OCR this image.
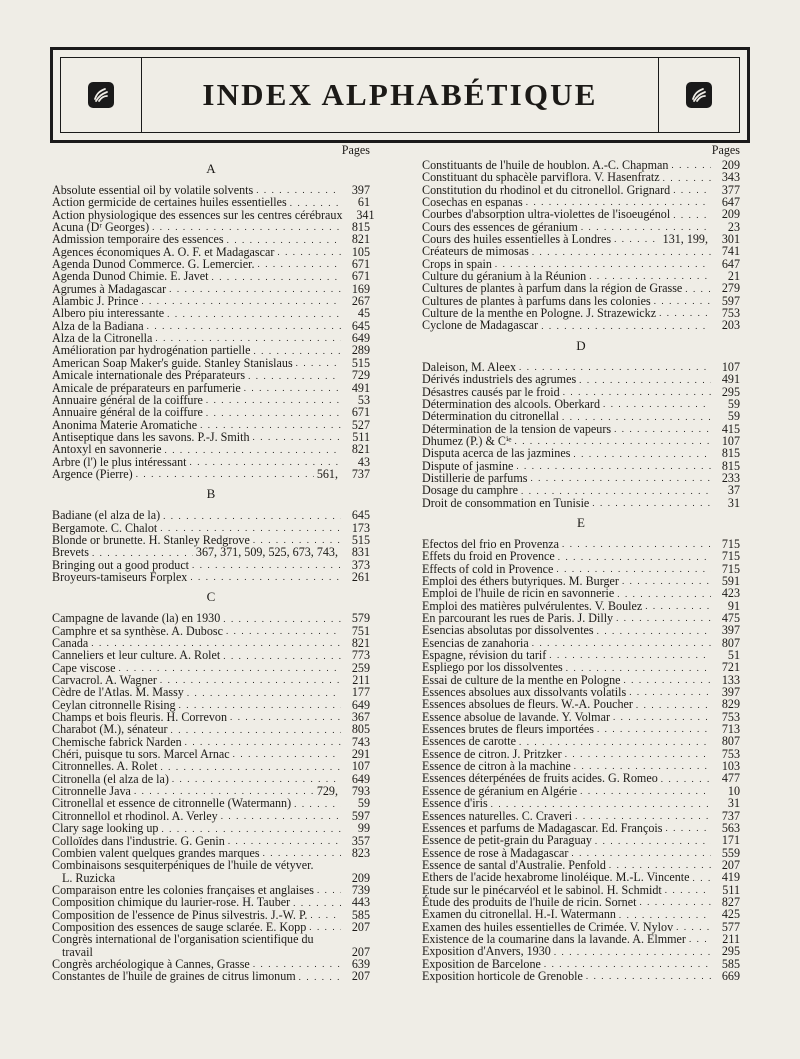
INDEX ALPHABÉTIQUE
Pages
A
Absolute essential oil by volatile solvents . . .	397
Action germicide de certaines huiles essentielles . . .	61
Action physiologique des essences sur les centres cérébraux	341
Acuna (Dʳ Georges) . . .	815
Admission temporaire des essences . . .	821
Agences économiques A. O. F. et Madagascar . . .	105
Agenda Dunod Commerce. G. Lemercier. . . .	671
Agenda Dunod Chimie. E. Javet . . .	671
Agrumes à Madagascar . . .	169
Alambic J. Prince . . .	267
Albero piu interessante . . .	45
Alza de la Badiana . . .	645
Alza de la Citronella . . .	649
Amélioration par hydrogénation partielle . . .	289
American Soap Maker's guide. Stanley Stanislaus . . .	515
Amicale internationale des Préparateurs . . .	729
Amicale de préparateurs en parfumerie . . .	491
Annuaire général de la coiffure . . .	53
Annuaire général de la coiffure . . .	671
Anonima Materie Aromatiche . . .	527
Antiseptique dans les savons. P.-J. Smith . . .	511
Antoxyl en savonnerie . . .	821
Arbre (l') le plus intéressant . . .	43
Argence (Pierre) . . .	561,	737
B
Badiane (el alza de la) . . .	645
Bergamote. C. Chalot . . .	173
Blonde or brunette. H. Stanley Redgrove . . .	515
Brevets . . .	367, 371, 509, 525, 673, 743,	831
Bringing out a good product . . .	373
Broyeurs-tamiseurs Forplex . . .	261
C
Campagne de lavande (la) en 1930 . . .	579
Camphre et sa synthèse. A. Dubosc . . .	751
Canada . . .	821
Canneliers et leur culture. A. Rolet . . .	773
Cape viscose . . .	259
Carvacrol. A. Wagner . . .	211
Cèdre de l'Atlas. M. Massy . . .	177
Ceylan citronnelle Rising . . .	649
Champs et bois fleuris. H. Correvon . . .	367
Charabot (M.), sénateur . . .	805
Chemische fabrick Narden . . .	743
Chéri, puisque tu sors. Marcel Arnac . . .	291
Citronnelles. A. Rolet . . .	107
Citronella (el alza de la) . . .	649
Citronnelle Java . . .	729,	793
Citronellal et essence de citronnelle (Watermann) . . .	59
Citronnellol et rhodinol. A. Verley . . .	597
Clary sage looking up . . .	99
Colloïdes dans l'industrie. G. Genin . . .	357
Combien valent quelques grandes marques . . .	823
Combinaisons sesquiterpéniques de l'huile de vétyver.
L. Ruzicka	209
Comparaison entre les colonies françaises et anglaises . . .	739
Composition chimique du laurier-rose. H. Tauber . . .	443
Composition de l'essence de Pinus silvestris. J.-W. P. . . .	585
Composition des essences de sauge sclarée. E. Kopp . . .	207
Congrès international de l'organisation scientifique du
travail	207
Congrès archéologique à Cannes, Grasse . . .	639
Constantes de l'huile de graines de citrus limonum . . .	207
Pages
Constituants de l'huile de houblon. A.-C. Chapman . . .	209
Constituant du sphacèle parviflora. V. Hasenfratz . . .	343
Constitution du rhodinol et du citronellol. Grignard . . .	377
Cosechas en espanas . . .	647
Courbes d'absorption ultra-violettes de l'isoeugénol . . .	209
Cours des essences de géranium . . .	23
Cours des huiles essentielles à Londres . . .	131, 199,	301
Créateurs de mimosas . . .	741
Crops in spain . . .	647
Culture du géranium à la Réunion . . .	21
Cultures de plantes à parfum dans la région de Grasse . . .	279
Cultures de plantes à parfums dans les colonies . . .	597
Culture de la menthe en Pologne. J. Strazewickz . . .	753
Cyclone de Madagascar . . .	203
D
Daleison, M. Aleex . . .	107
Dérivés industriels des agrumes . . .	491
Désastres causés par le froid . . .	295
Détermination des alcools. Oberkard . . .	59
Détermination du citronellal . . .	59
Détermination de la tension de vapeurs . . .	415
Dhumez (P.) & Cⁱᵉ . . .	107
Disputa acerca de las jazmines . . .	815
Dispute of jasmine . . .	815
Distillerie de parfums . . .	233
Dosage du camphre . . .	37
Droit de consommation en Tunisie . . .	31
E
Efectos del frio en Provenza . . .	715
Effets du froid en Provence . . .	715
Effects of cold in Provence . . .	715
Emploi des éthers butyriques. M. Burger . . .	591
Emploi de l'huile de ricin en savonnerie . . .	423
Emploi des matières pulvérulentes. V. Boulez . . .	91
En parcourant les rues de Paris. J. Dilly . . .	475
Esencias absolutas por dissolventes . . .	397
Esencias de zanahoria . . .	807
Espagne, révision du tarif . . .	51
Espliego por los dissolventes . . .	721
Essai de culture de la menthe en Pologne . . .	133
Essences absolues aux dissolvants volatils . . .	397
Essences absolues de fleurs. W.-A. Poucher . . .	829
Essence absolue de lavande. Y. Volmar . . .	753
Essences brutes de fleurs importées . . .	713
Essences de carotte . . .	807
Essence de citron. J. Pritzker . . .	753
Essence de citron à la machine . . .	103
Essences déterpénées de fruits acides. G. Romeo . . .	477
Essence de géranium en Algérie . . .	10
Essence d'iris . . .	31
Essences naturelles. C. Craveri . . .	737
Essences et parfums de Madagascar. Ed. François . . .	563
Essence de petit-grain du Paraguay . . .	171
Essence de rose à Madagascar . . .	559
Essence de santal d'Australie. Penfold . . .	207
Ethers de l'acide hexabrome linoléique. M.-L. Vincente . . .	419
Etude sur le pinécarvéol et le sabinol. H. Schmidt . . .	511
Étude des produits de l'huile de ricin. Sornet . . .	827
Examen du citronellal. H.-I. Watermann . . .	425
Examen des huiles essentielles de Crimée. V. Nylov . . .	577
Existence de la coumarine dans la lavande. A. Elmmer . . .	211
Exposition d'Anvers, 1930 . . .	295
Exposition de Barcelone . . .	585
Exposition horticole de Grenoble . . .	669
